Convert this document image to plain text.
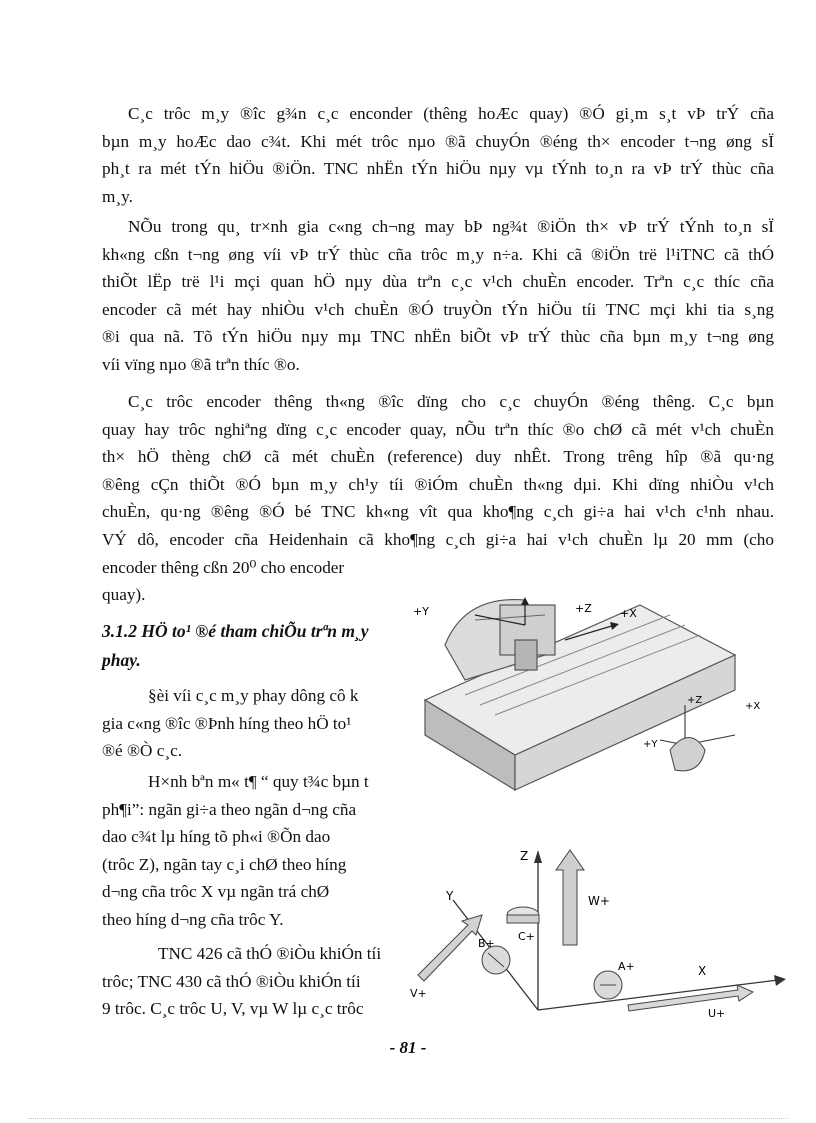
C¸c trôc m¸y ®îc g¾n c¸c enconder (thêng hoÆc quay) ®Ó gi¸m s¸t vÞ trÝ cña
bµn m¸y hoÆc dao c¾t. Khi mét trôc nµo ®ã chuyÓn ®éng th× encoder t¬ng øng sÏ
ph¸t ra mét tÝn hiÖu ®iÖn. TNC nhËn tÝn hiÖu nµy vµ tÝnh to¸n ra vÞ trÝ thùc cña
m¸y.
NÕu trong qu¸ tr×nh gia c«ng ch¬ng may bÞ ng¾t ®iÖn th× vÞ trÝ tÝnh to¸n sÏ
kh«ng cßn t¬ng øng víi vÞ trÝ thùc cña trôc m¸y n÷a. Khi cã ®iÖn trë l¹iTNC cã thÓ
thiÕt lËp trë l¹i mçi quan hÖ nµy dùa trªn c¸c v¹ch chuÈn encoder. Trªn c¸c thíc cña
encoder cã mét hay nhiÒu v¹ch chuÈn ®Ó truyÒn tÝn hiÖu tíi TNC mçi khi tia s¸ng
®i qua nã. Tõ tÝn hiÖu nµy mµ TNC nhËn biÕt vÞ trÝ thùc cña bµn m¸y t¬ng øng
víi vïng nµo ®ã trªn thíc ®o.
C¸c trôc encoder thêng th«ng ®îc dïng cho c¸c chuyÓn ®éng thêng. C¸c bµn
quay hay trôc nghiªng dïng c¸c encoder quay, nÕu trªn thíc ®o chØ cã mét v¹ch chuÈn
th× hÖ thèng chØ cã mét chuÈn (reference) duy nhÊt. Trong trêng hîp ®ã qu·ng
®êng cÇn thiÕt ®Ó bµn m¸y ch¹y tíi ®iÓm chuÈn th«ng dµi. Khi dïng nhiÒu v¹ch
chuÈn, qu·ng ®êng ®Ó bé TNC kh«ng vît qua kho¶ng c¸ch gi÷a hai v¹ch c¹nh nhau.
VÝ dô, encoder cña Heidenhain cã kho¶ng c¸ch gi÷a hai v¹ch chuÈn lµ 20 mm (cho
encoder thêng cßn 20⁰ cho encoder
quay).
3.1.2 HÖ to¹ ®é tham chiÕu trªn m¸y
phay.
§èi víi c¸c m¸y phay dông cô k
gia c«ng ®îc ®Þnh híng theo hÖ to¹
®é ®Ò c¸c.
H×nh bªn m« t¶ “ quy t¾c bµn t
ph¶i”: ngãn gi÷a theo ngãn d¬ng cña
dao c¾t lµ híng tõ ph«i ®Õn dao
(trôc Z), ngãn tay c¸i chØ theo híng
d¬ng cña trôc X vµ ngãn trá chØ
theo híng d¬ng cña trôc Y.
TNC 426 cã thÓ ®iÒu khiÓn tíi
trôc; TNC 430 cã thÓ ®iÒu khiÓn tíi
9 trôc. C¸c trôc U, V, vµ W lµ c¸c trôc
+Y	+Z	+X
+Y
+Z
+X
Z
Y	W+
C+
B+
V+
A+	X
U+
- 81 -
